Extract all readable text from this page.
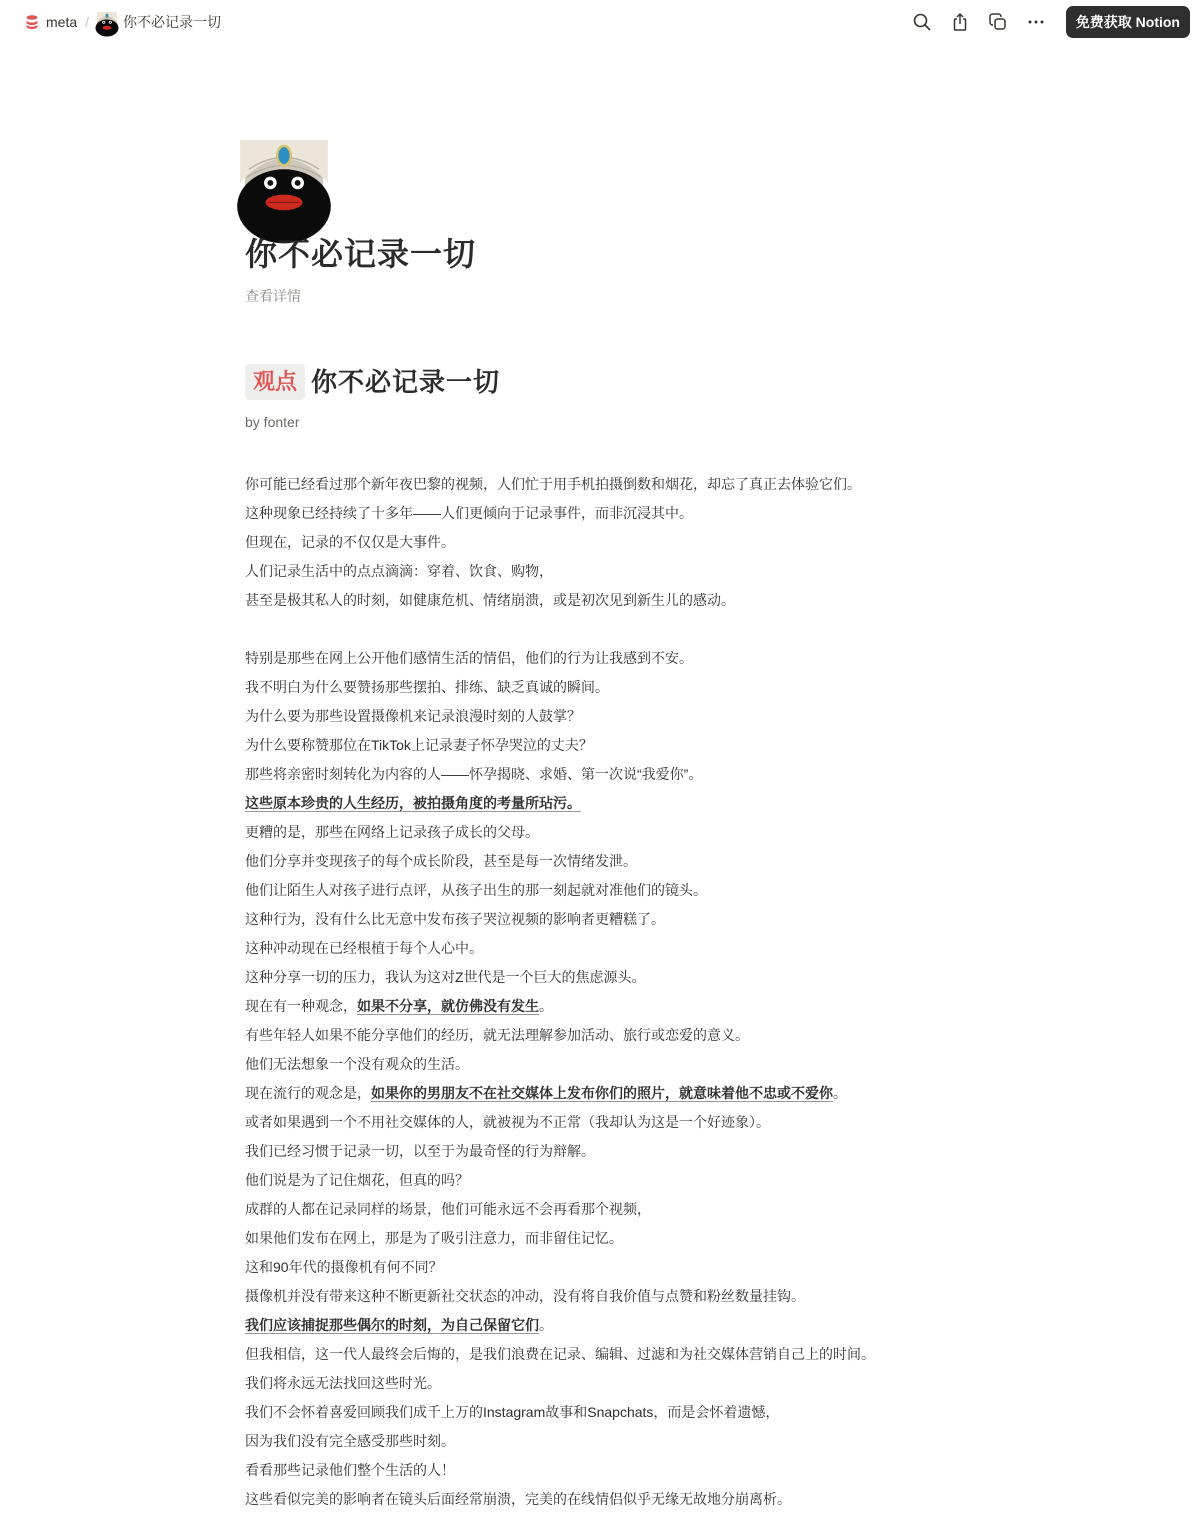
meta / 你不必记录一切	免费获取 Notion
你不必记录一切
查看详情
观点 你不必记录一切
by fonter
你可能已经看过那个新年夜巴黎的视频，人们忙于用手机拍摄倒数和烟花，却忘了真正去体验它们。
这种现象已经持续了十多年——人们更倾向于记录事件，而非沉浸其中。
但现在，记录的不仅仅是大事件。
人们记录生活中的点点滴滴：穿着、饮食、购物，
甚至是极其私人的时刻，如健康危机、情绪崩溃，或是初次见到新生儿的感动。
特别是那些在网上公开他们感情生活的情侣，他们的行为让我感到不安。
我不明白为什么要赞扬那些摆拍、排练、缺乏真诚的瞬间。
为什么要为那些设置摄像机来记录浪漫时刻的人鼓掌？
为什么要称赞那位在TikTok上记录妻子怀孕哭泣的丈夫？
那些将亲密时刻转化为内容的人——怀孕揭晓、求婚、第一次说“我爱你”。
这些原本珍贵的人生经历，被拍摄角度的考量所玷污。
更糟的是，那些在网络上记录孩子成长的父母。
他们分享并变现孩子的每个成长阶段，甚至是每一次情绪发泄。
他们让陌生人对孩子进行点评，从孩子出生的那一刻起就对准他们的镜头。
这种行为，没有什么比无意中发布孩子哭泣视频的影响者更糟糕了。
这种冲动现在已经根植于每个人心中。
这种分享一切的压力，我认为这对Z世代是一个巨大的焦虑源头。
现在有一种观念，如果不分享，就仿佛没有发生。
有些年轻人如果不能分享他们的经历，就无法理解参加活动、旅行或恋爱的意义。
他们无法想象一个没有观众的生活。
现在流行的观念是，如果你的男朋友不在社交媒体上发布你们的照片，就意味着他不忠或不爱你。
或者如果遇到一个不用社交媒体的人，就被视为不正常（我却认为这是一个好迹象）。
我们已经习惯于记录一切，以至于为最奇怪的行为辩解。
他们说是为了记住烟花，但真的吗？
成群的人都在记录同样的场景，他们可能永远不会再看那个视频，
如果他们发布在网上，那是为了吸引注意力，而非留住记忆。
这和90年代的摄像机有何不同？
摄像机并没有带来这种不断更新社交状态的冲动，没有将自我价值与点赞和粉丝数量挂钩。
我们应该捕捉那些偶尔的时刻，为自己保留它们。
但我相信，这一代人最终会后悔的，是我们浪费在记录、编辑、过滤和为社交媒体营销自己上的时间。
我们将永远无法找回这些时光。
我们不会怀着喜爱回顾我们成千上万的Instagram故事和Snapchats，而是会怀着遗憾，
因为我们没有完全感受那些时刻。
看看那些记录他们整个生活的人！
这些看似完美的影响者在镜头后面经常崩溃，完美的在线情侣似乎无缘无故地分崩离析。
